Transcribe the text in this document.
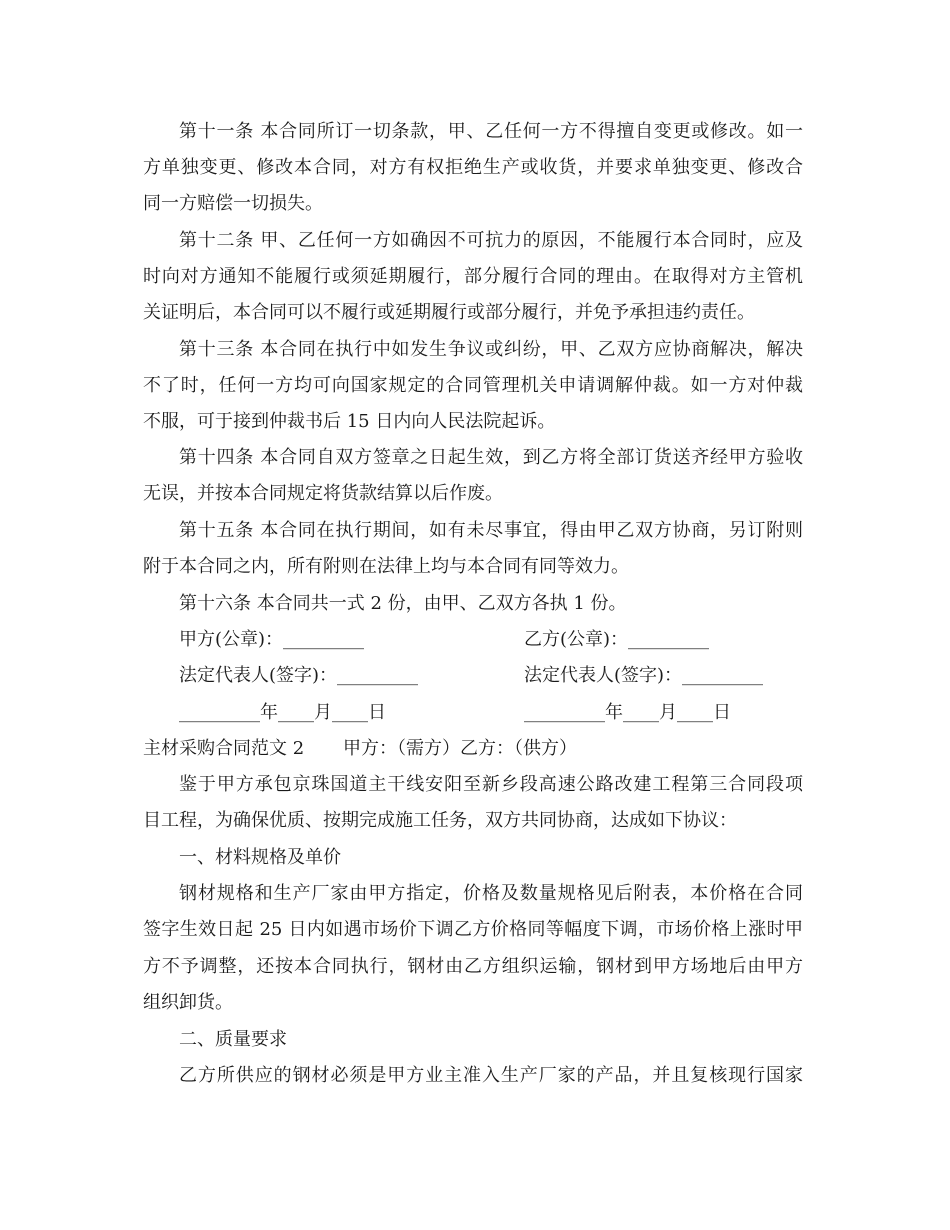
第十一条 本合同所订一切条款，甲、乙任何一方不得擅自变更或修改。如一
方单独变更、修改本合同，对方有权拒绝生产或收货，并要求单独变更、修改合
同一方赔偿一切损失。
第十二条 甲、乙任何一方如确因不可抗力的原因，不能履行本合同时，应及
时向对方通知不能履行或须延期履行，部分履行合同的理由。在取得对方主管机
关证明后，本合同可以不履行或延期履行或部分履行，并免予承担违约责任。
第十三条 本合同在执行中如发生争议或纠纷，甲、乙双方应协商解决，解决
不了时，任何一方均可向国家规定的合同管理机关申请调解仲裁。如一方对仲裁
不服，可于接到仲裁书后 15 日内向人民法院起诉。
第十四条 本合同自双方签章之日起生效，到乙方将全部订货送齐经甲方验收
无误，并按本合同规定将货款结算以后作废。
第十五条 本合同在执行期间，如有未尽事宜，得由甲乙双方协商，另订附则
附于本合同之内，所有附则在法律上均与本合同有同等效力。
第十六条 本合同共一式 2 份，由甲、乙双方各执 1 份。
甲方(公章)：_________	乙方(公章)：_________
法定代表人(签字)：_________	法定代表人(签字)：_________
_________年____月____日	_________年____月____日
主材采购合同范文 2 甲方：（需方）乙方：（供方）
鉴于甲方承包京珠国道主干线安阳至新乡段高速公路改建工程第三合同段项
目工程，为确保优质、按期完成施工任务，双方共同协商，达成如下协议：
一、材料规格及单价
钢材规格和生产厂家由甲方指定，价格及数量规格见后附表，本价格在合同
签字生效日起 25 日内如遇市场价下调乙方价格同等幅度下调，市场价格上涨时甲
方不予调整，还按本合同执行，钢材由乙方组织运输，钢材到甲方场地后由甲方
组织卸货。
二、质量要求
乙方所供应的钢材必须是甲方业主准入生产厂家的产品，并且复核现行国家
